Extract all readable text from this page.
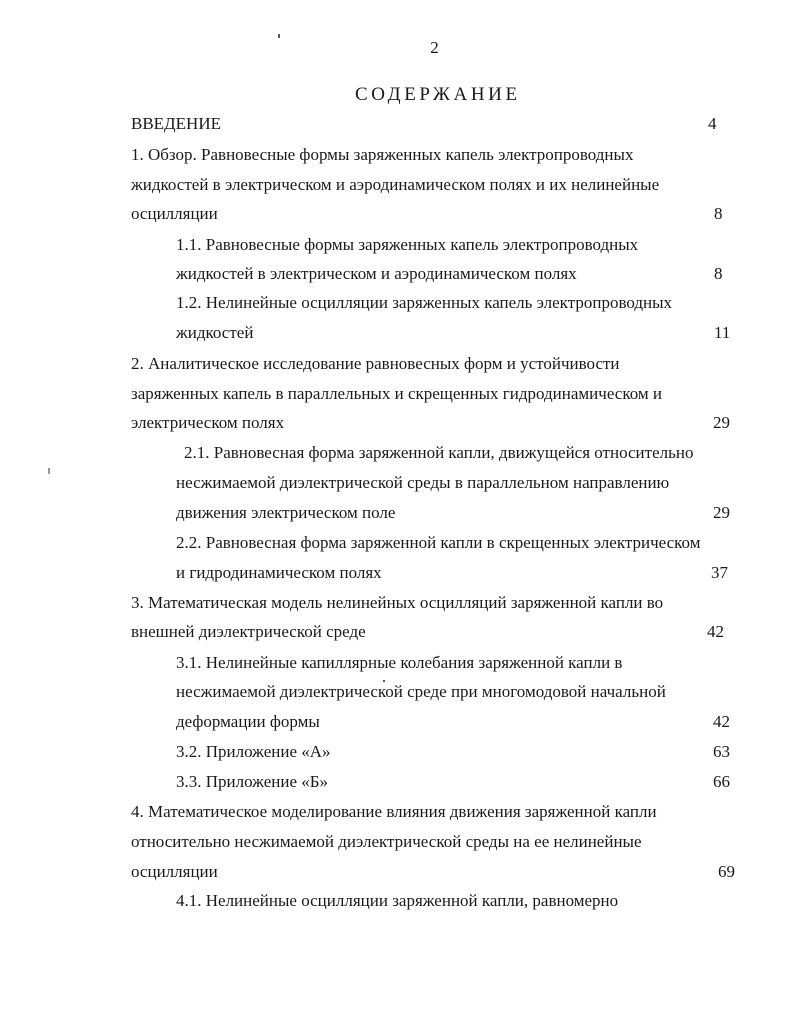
2
СОДЕРЖАНИЕ
ВВЕДЕНИЕ	4
1. Обзор. Равновесные формы заряженных капель электропроводных
жидкостей в электрическом и аэродинамическом полях и их нелинейные
осцилляции	8
1.1. Равновесные формы заряженных капель электропроводных
жидкостей в электрическом и аэродинамическом полях	8
1.2. Нелинейные осцилляции заряженных капель электропроводных
жидкостей	11
2. Аналитическое исследование равновесных форм и устойчивости
заряженных капель в параллельных и скрещенных гидродинамическом и
электрическом полях	29
2.1. Равновесная форма заряженной капли, движущейся относительно
несжимаемой диэлектрической среды в параллельном направлению
движения электрическом поле	29
2.2. Равновесная форма заряженной капли в скрещенных электрическом
и гидродинамическом полях	37
3. Математическая модель нелинейных осцилляций заряженной капли во
внешней диэлектрической среде	42
3.1. Нелинейные капиллярные колебания заряженной капли в
несжимаемой диэлектрической среде при многомодовой начальной
деформации формы	42
3.2. Приложение «А»	63
3.3. Приложение «Б»	66
4. Математическое моделирование влияния движения заряженной капли
относительно несжимаемой диэлектрической среды на ее нелинейные
осцилляции	69
4.1. Нелинейные осцилляции заряженной капли, равномерно
